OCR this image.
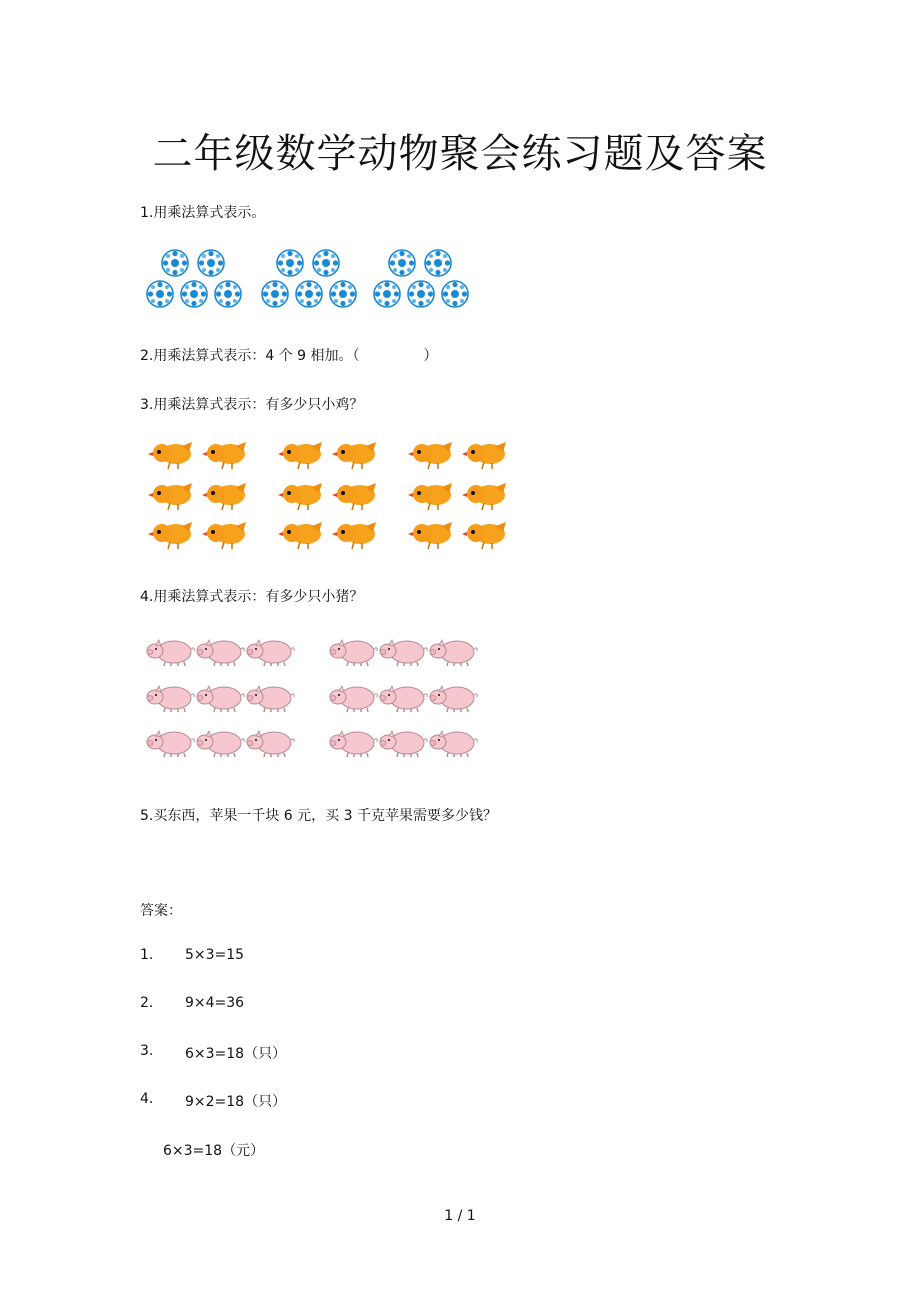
二年级数学动物聚会练习题及答案
1.用乘法算式表示。
2.用乘法算式表示：4 个 9 相加。（	）
3.用乘法算式表示：有多少只小鸡？
4.用乘法算式表示：有多少只小猪？
5.买东西，苹果一千块 6 元，买 3 千克苹果需要多少钱？
答案：
1. 5×3=15
2. 9×4=36
3. 6×3=18（只）
4. 9×2=18（只）
6×3=18（元）
1 / 1
